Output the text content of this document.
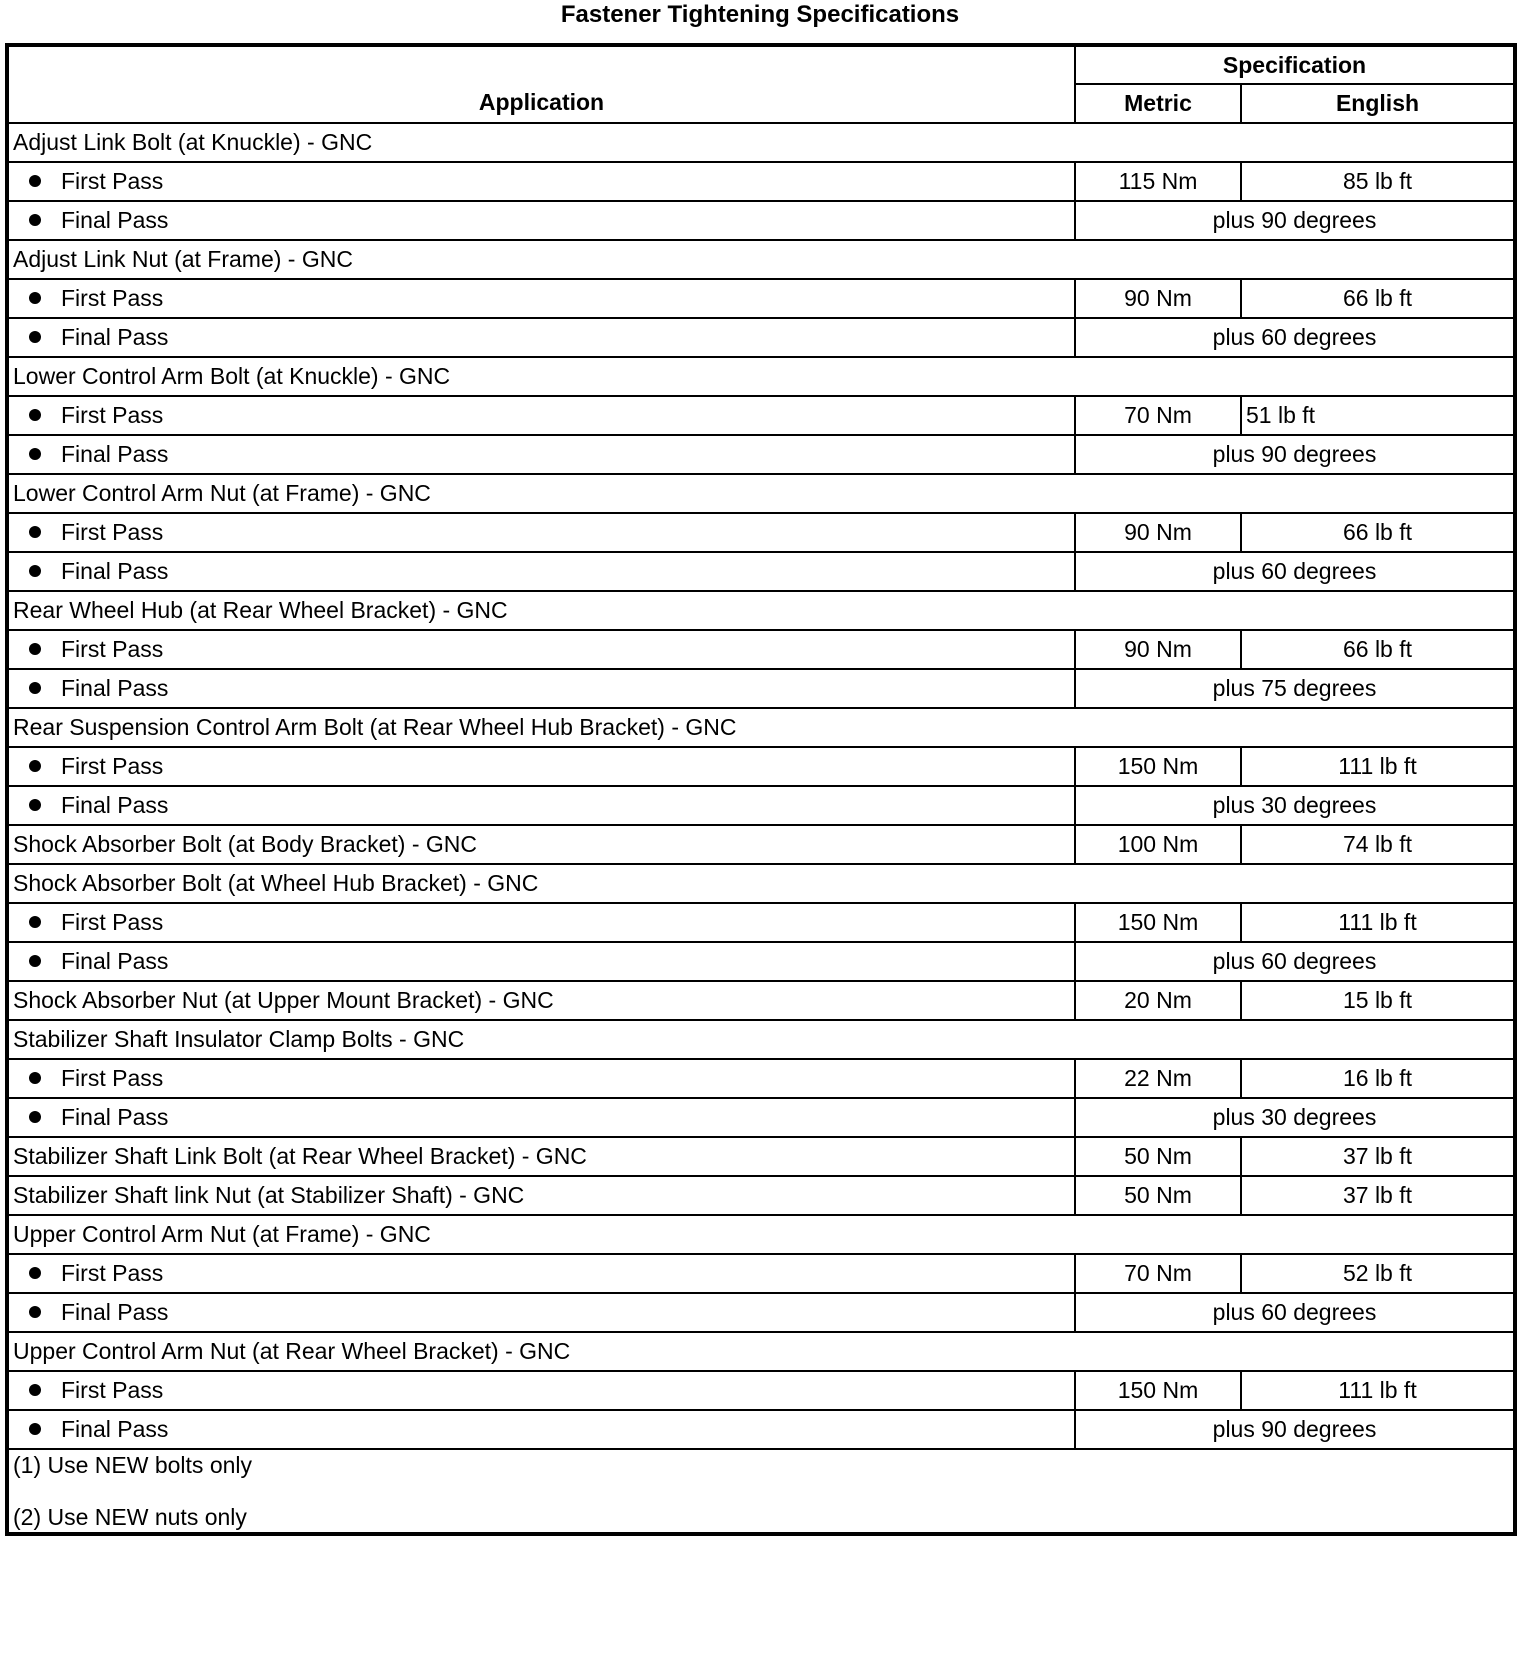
Fastener Tightening Specifications
Application	Specification	
	Metric	English
Adjust Link Bolt (at Knuckle) - GNC		
First Pass	115 Nm	85 lb ft
Final Pass	plus 90 degrees	
Adjust Link Nut (at Frame) - GNC		
First Pass	90 Nm	66 lb ft
Final Pass	plus 60 degrees	
Lower Control Arm Bolt (at Knuckle) - GNC		
First Pass	70 Nm	51 lb ft
Final Pass	plus 90 degrees	
Lower Control Arm Nut (at Frame) - GNC		
First Pass	90 Nm	66 lb ft
Final Pass	plus 60 degrees	
Rear Wheel Hub (at Rear Wheel Bracket) - GNC		
First Pass	90 Nm	66 lb ft
Final Pass	plus 75 degrees	
Rear Suspension Control Arm Bolt (at Rear Wheel Hub Bracket) - GNC		
First Pass	150 Nm	111 lb ft
Final Pass	plus 30 degrees	
Shock Absorber Bolt (at Body Bracket) - GNC	100 Nm	74 lb ft
Shock Absorber Bolt (at Wheel Hub Bracket) - GNC		
First Pass	150 Nm	111 lb ft
Final Pass	plus 60 degrees	
Shock Absorber Nut (at Upper Mount Bracket) - GNC	20 Nm	15 lb ft
Stabilizer Shaft Insulator Clamp Bolts - GNC		
First Pass	22 Nm	16 lb ft
Final Pass	plus 30 degrees	
Stabilizer Shaft Link Bolt (at Rear Wheel Bracket) - GNC	50 Nm	37 lb ft
Stabilizer Shaft link Nut (at Stabilizer Shaft) - GNC	50 Nm	37 lb ft
Upper Control Arm Nut (at Frame) - GNC		
First Pass	70 Nm	52 lb ft
Final Pass	plus 60 degrees	
Upper Control Arm Nut (at Rear Wheel Bracket) - GNC		
First Pass	150 Nm	111 lb ft
Final Pass	plus 90 degrees	

(1) Use NEW bolts only
(2) Use NEW nuts only		
